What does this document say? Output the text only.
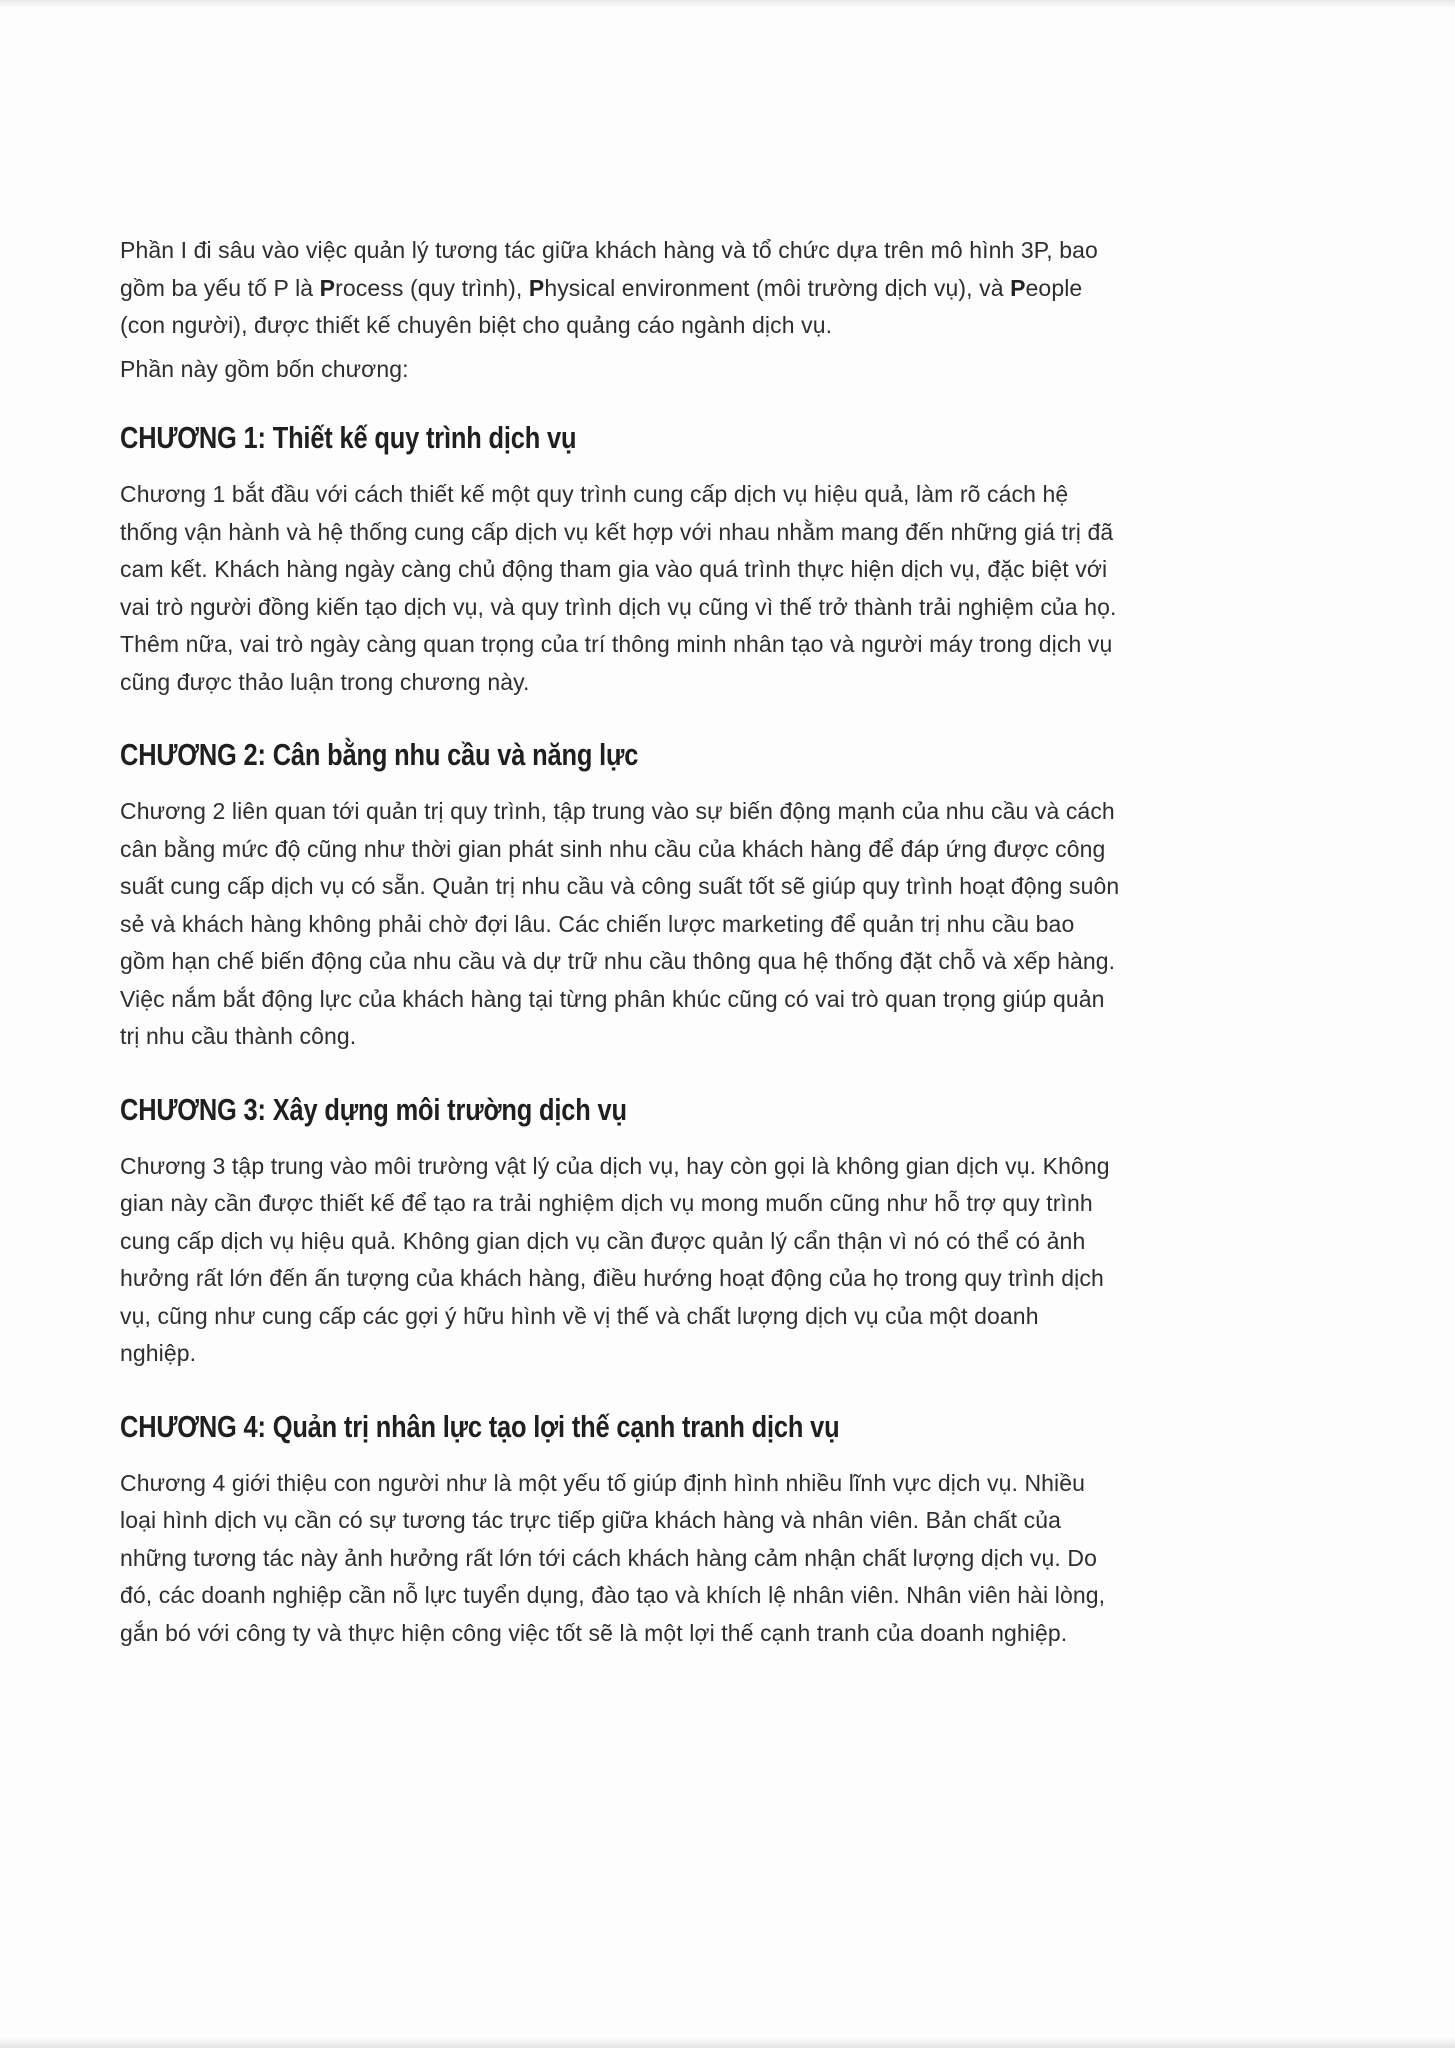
Phần I đi sâu vào việc quản lý tương tác giữa khách hàng và tổ chức dựa trên mô hình 3P, bao gồm ba yếu tố P là Process (quy trình), Physical environment (môi trường dịch vụ), và People (con người), được thiết kế chuyên biệt cho quảng cáo ngành dịch vụ.

Phần này gồm bốn chương:

CHƯƠNG 1: Thiết kế quy trình dịch vụ

Chương 1 bắt đầu với cách thiết kế một quy trình cung cấp dịch vụ hiệu quả, làm rõ cách hệ thống vận hành và hệ thống cung cấp dịch vụ kết hợp với nhau nhằm mang đến những giá trị đã cam kết. Khách hàng ngày càng chủ động tham gia vào quá trình thực hiện dịch vụ, đặc biệt với vai trò người đồng kiến tạo dịch vụ, và quy trình dịch vụ cũng vì thế trở thành trải nghiệm của họ. Thêm nữa, vai trò ngày càng quan trọng của trí thông minh nhân tạo và người máy trong dịch vụ cũng được thảo luận trong chương này.

CHƯƠNG 2: Cân bằng nhu cầu và năng lực

Chương 2 liên quan tới quản trị quy trình, tập trung vào sự biến động mạnh của nhu cầu và cách cân bằng mức độ cũng như thời gian phát sinh nhu cầu của khách hàng để đáp ứng được công suất cung cấp dịch vụ có sẵn. Quản trị nhu cầu và công suất tốt sẽ giúp quy trình hoạt động suôn sẻ và khách hàng không phải chờ đợi lâu. Các chiến lược marketing để quản trị nhu cầu bao gồm hạn chế biến động của nhu cầu và dự trữ nhu cầu thông qua hệ thống đặt chỗ và xếp hàng. Việc nắm bắt động lực của khách hàng tại từng phân khúc cũng có vai trò quan trọng giúp quản trị nhu cầu thành công.

CHƯƠNG 3: Xây dựng môi trường dịch vụ

Chương 3 tập trung vào môi trường vật lý của dịch vụ, hay còn gọi là không gian dịch vụ. Không gian này cần được thiết kế để tạo ra trải nghiệm dịch vụ mong muốn cũng như hỗ trợ quy trình cung cấp dịch vụ hiệu quả. Không gian dịch vụ cần được quản lý cẩn thận vì nó có thể có ảnh hưởng rất lớn đến ấn tượng của khách hàng, điều hướng hoạt động của họ trong quy trình dịch vụ, cũng như cung cấp các gợi ý hữu hình về vị thế và chất lượng dịch vụ của một doanh nghiệp.

CHƯƠNG 4: Quản trị nhân lực tạo lợi thế cạnh tranh dịch vụ

Chương 4 giới thiệu con người như là một yếu tố giúp định hình nhiều lĩnh vực dịch vụ. Nhiều loại hình dịch vụ cần có sự tương tác trực tiếp giữa khách hàng và nhân viên. Bản chất của những tương tác này ảnh hưởng rất lớn tới cách khách hàng cảm nhận chất lượng dịch vụ. Do đó, các doanh nghiệp cần nỗ lực tuyển dụng, đào tạo và khích lệ nhân viên. Nhân viên hài lòng, gắn bó với công ty và thực hiện công việc tốt sẽ là một lợi thế cạnh tranh của doanh nghiệp.
